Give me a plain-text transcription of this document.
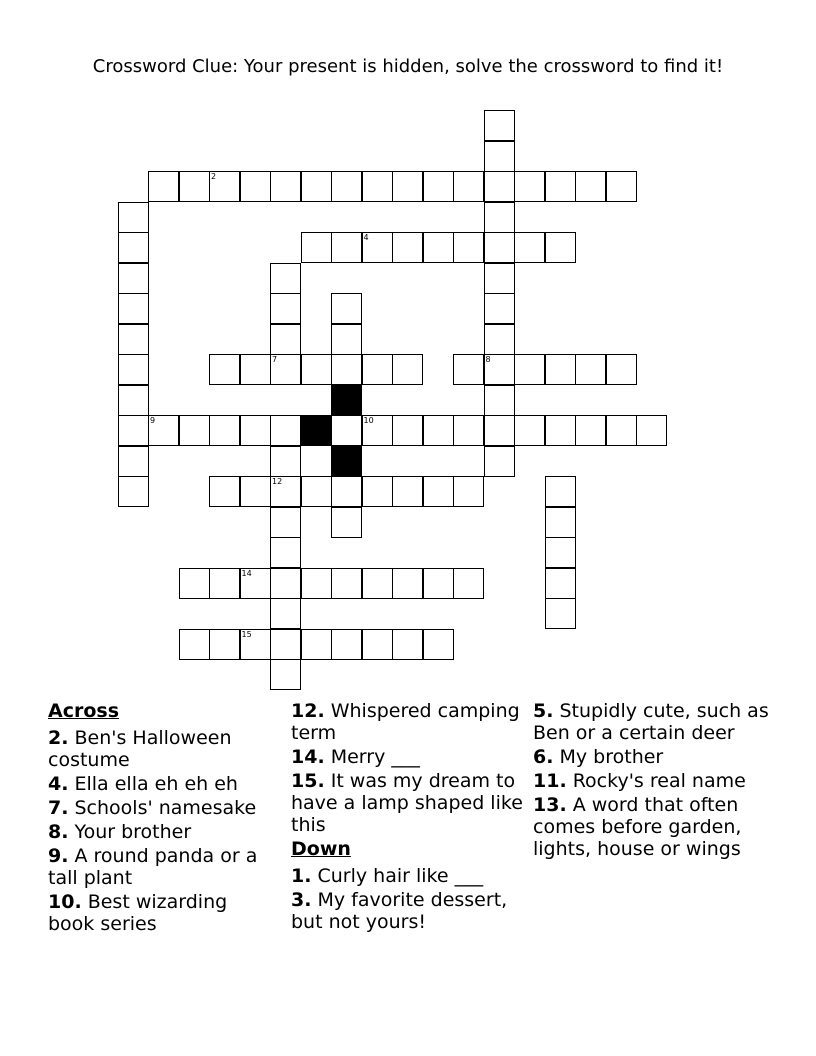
Crossword Clue: Your present is hidden, solve the crossword to find it!
8
2
4
7
12
9	10
14
15
Across
2. Ben's Halloween costume
4. Ella ella eh eh eh
7. Schools' namesake
8. Your brother
9. A round panda or a tall plant
10. Best wizarding book series
12. Whispered camping term
14. Merry ___
15. It was my dream to have a lamp shaped like this
Down
1. Curly hair like ___
3. My favorite dessert, but not yours!
5. Stupidly cute, such as Ben or a certain deer
6. My brother
11. Rocky's real name
13. A word that often comes before garden, lights, house or wings
